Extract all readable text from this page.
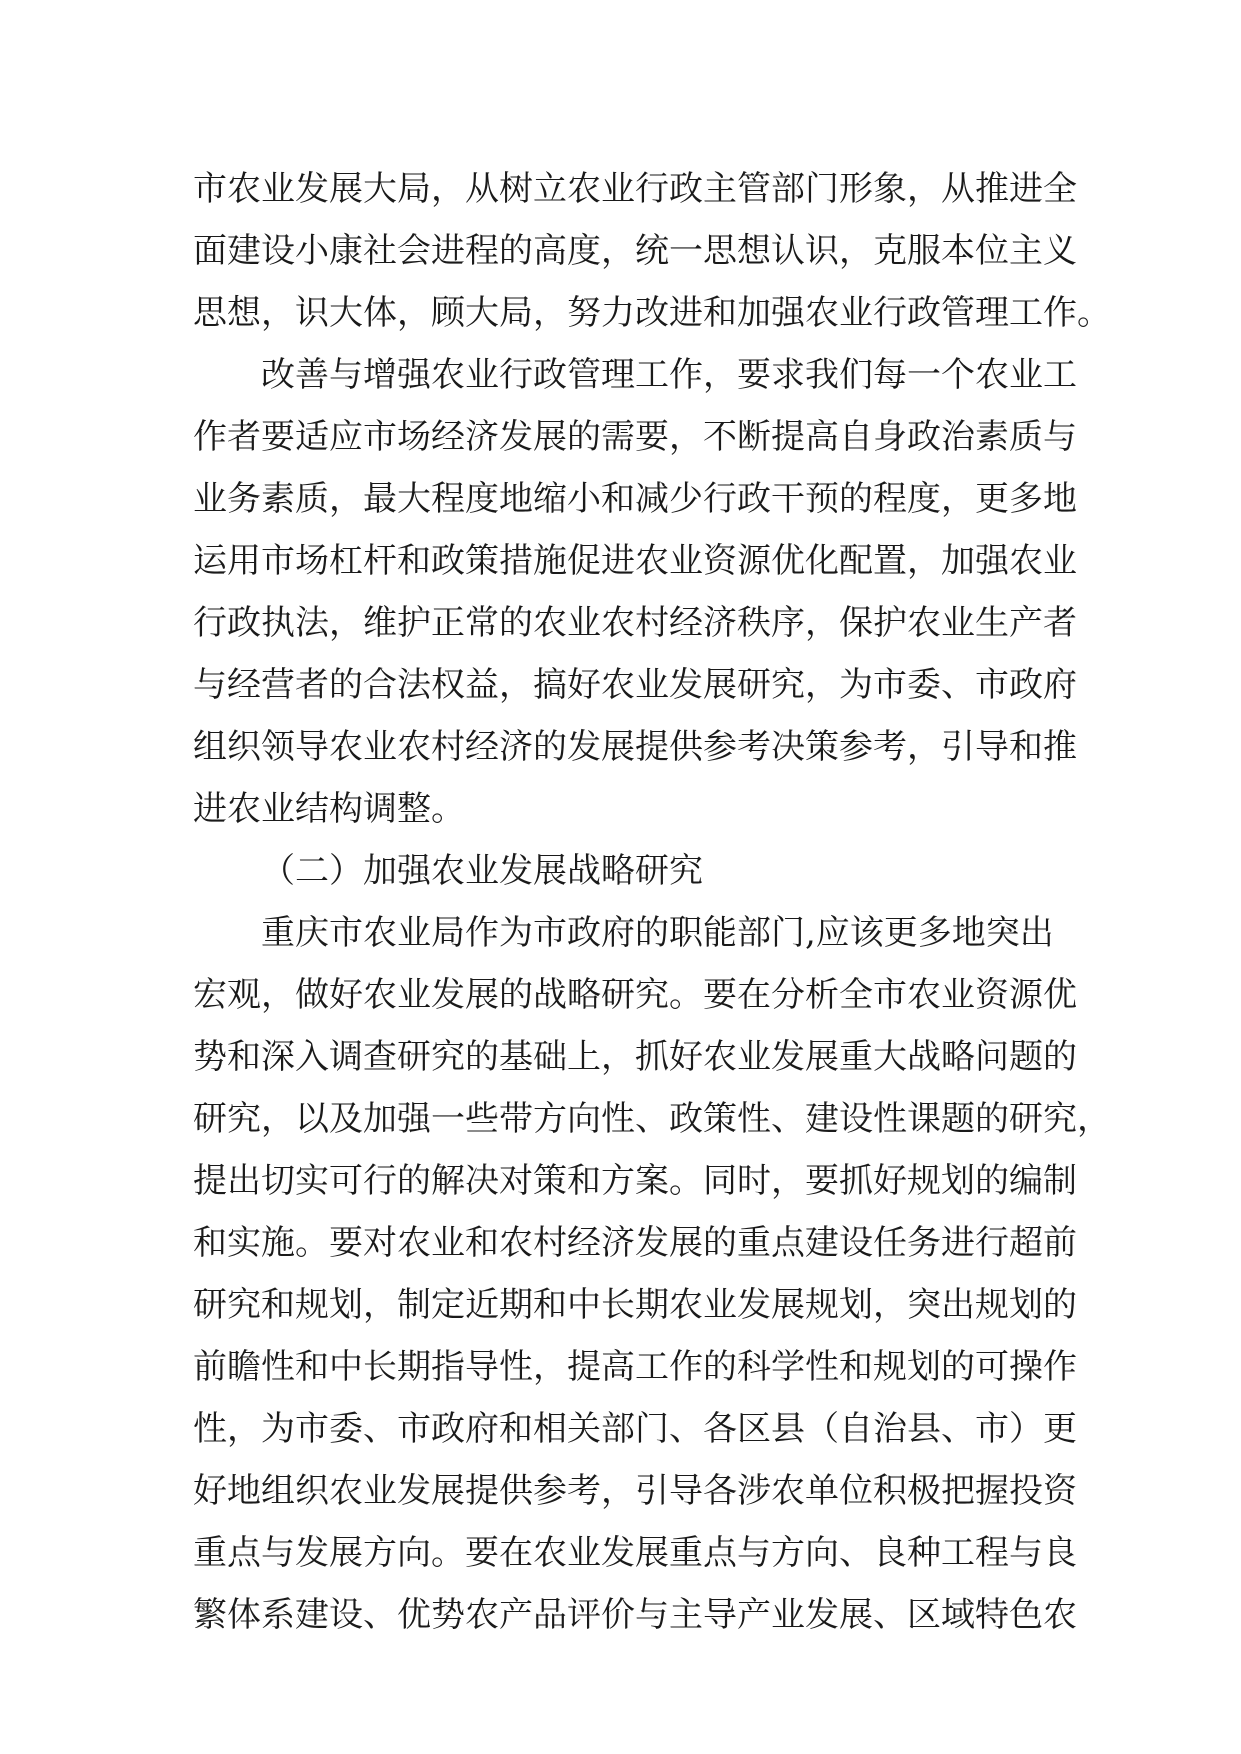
市农业发展大局，从树立农业行政主管部门形象，从推进全
面建设小康社会进程的高度，统一思想认识，克服本位主义
思想，识大体，顾大局，努力改进和加强农业行政管理工作。
改善与增强农业行政管理工作，要求我们每一个农业工
作者要适应市场经济发展的需要，不断提高自身政治素质与
业务素质，最大程度地缩小和减少行政干预的程度，更多地
运用市场杠杆和政策措施促进农业资源优化配置，加强农业
行政执法，维护正常的农业农村经济秩序，保护农业生产者
与经营者的合法权益，搞好农业发展研究，为市委、市政府
组织领导农业农村经济的发展提供参考决策参考，引导和推
进农业结构调整。
（二）加强农业发展战略研究
重庆市农业局作为市政府的职能部门,应该更多地突出
宏观，做好农业发展的战略研究。要在分析全市农业资源优
势和深入调查研究的基础上，抓好农业发展重大战略问题的
研究，以及加强一些带方向性、政策性、建设性课题的研究，
提出切实可行的解决对策和方案。同时，要抓好规划的编制
和实施。要对农业和农村经济发展的重点建设任务进行超前
研究和规划，制定近期和中长期农业发展规划，突出规划的
前瞻性和中长期指导性，提高工作的科学性和规划的可操作
性，为市委、市政府和相关部门、各区县（自治县、市）更
好地组织农业发展提供参考，引导各涉农单位积极把握投资
重点与发展方向。要在农业发展重点与方向、良种工程与良
繁体系建设、优势农产品评价与主导产业发展、区域特色农
